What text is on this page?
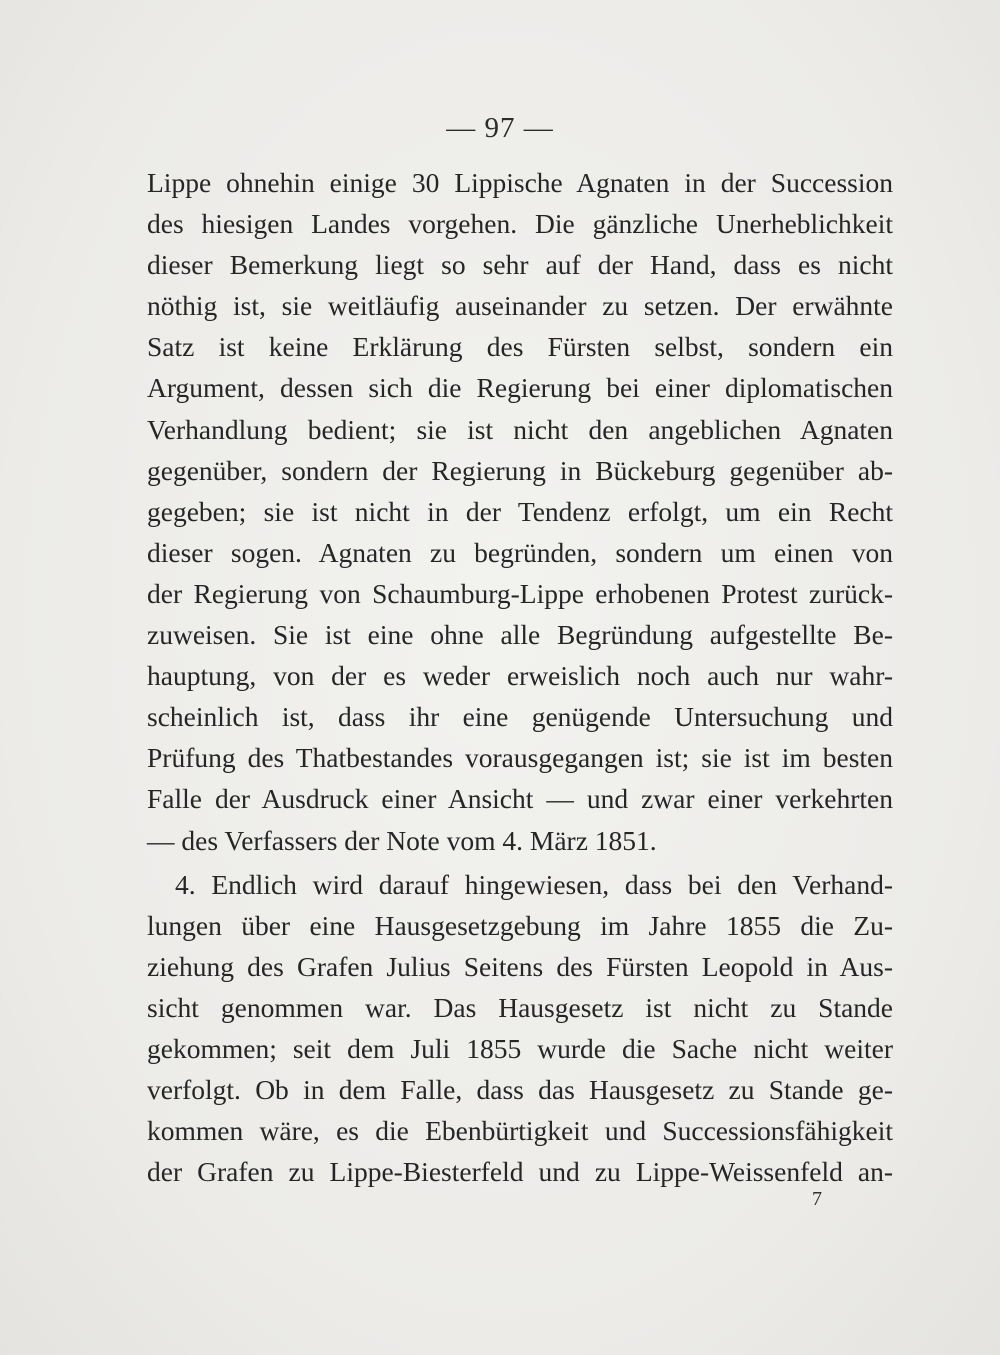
— 97 —
Lippe ohnehin einige 30 Lippische Agnaten in der Succession
des hiesigen Landes vorgehen. Die gänzliche Unerheblichkeit
dieser Bemerkung liegt so sehr auf der Hand, dass es nicht
nöthig ist, sie weitläufig auseinander zu setzen. Der erwähnte
Satz ist keine Erklärung des Fürsten selbst, sondern ein
Argument, dessen sich die Regierung bei einer diplomatischen
Verhandlung bedient; sie ist nicht den angeblichen Agnaten
gegenüber, sondern der Regierung in Bückeburg gegenüber ab-
gegeben; sie ist nicht in der Tendenz erfolgt, um ein Recht
dieser sogen. Agnaten zu begründen, sondern um einen von
der Regierung von Schaumburg-Lippe erhobenen Protest zurück-
zuweisen. Sie ist eine ohne alle Begründung aufgestellte Be-
hauptung, von der es weder erweislich noch auch nur wahr-
scheinlich ist, dass ihr eine genügende Untersuchung und
Prüfung des Thatbestandes vorausgegangen ist; sie ist im besten
Falle der Ausdruck einer Ansicht — und zwar einer verkehrten
— des Verfassers der Note vom 4. März 1851.
4. Endlich wird darauf hingewiesen, dass bei den Verhand-
lungen über eine Hausgesetzgebung im Jahre 1855 die Zu-
ziehung des Grafen Julius Seitens des Fürsten Leopold in Aus-
sicht genommen war. Das Hausgesetz ist nicht zu Stande
gekommen; seit dem Juli 1855 wurde die Sache nicht weiter
verfolgt. Ob in dem Falle, dass das Hausgesetz zu Stande ge-
kommen wäre, es die Ebenbürtigkeit und Successionsfähigkeit
der Grafen zu Lippe-Biesterfeld und zu Lippe-Weissenfeld an-
7
